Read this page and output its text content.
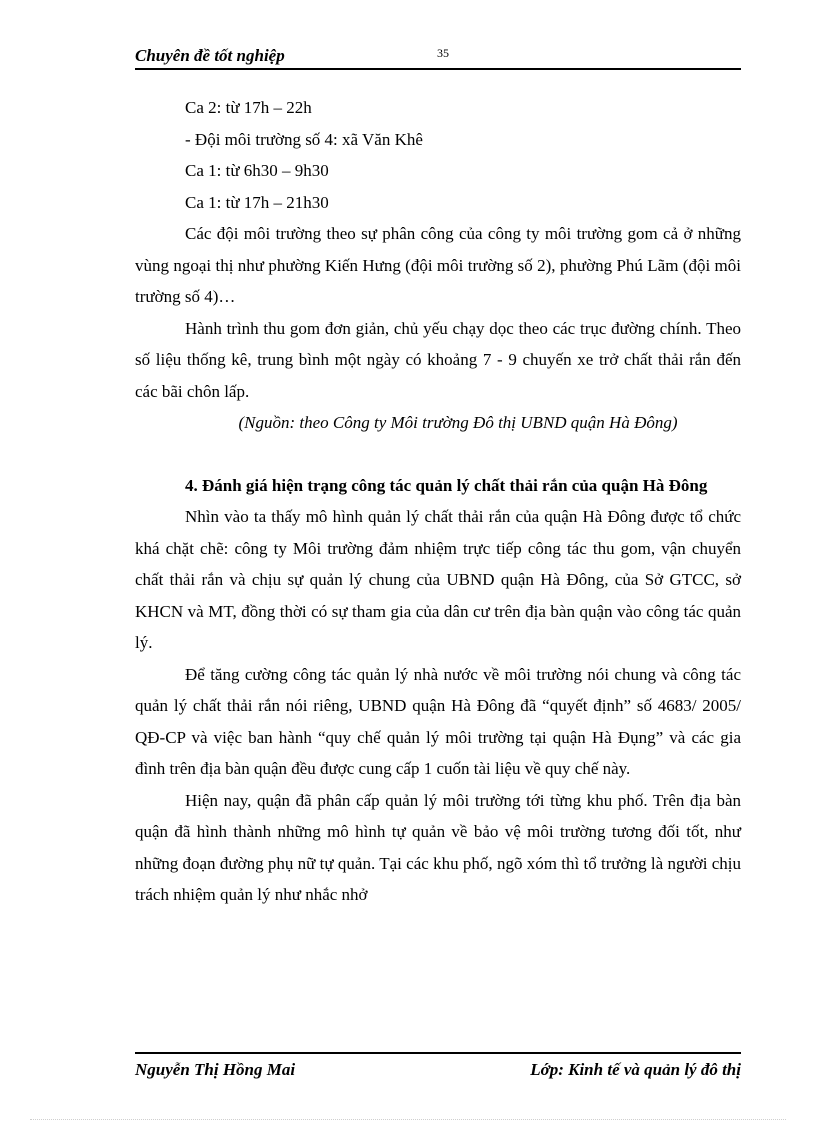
Chuyên đề tốt nghiệp	35

Ca 2: từ 17h – 22h

- Đội môi trường số 4: xã Văn Khê

Ca 1: từ 6h30 – 9h30

Ca 1: từ 17h – 21h30

Các đội môi trường theo sự phân công của công ty môi trường gom cả ở những vùng ngoại thị như phường Kiến Hưng (đội môi trường số 2), phường Phú Lãm (đội môi trường số 4)…

Hành trình thu gom đơn giản, chủ yếu chạy dọc theo các trục đường chính. Theo số liệu thống kê, trung bình một ngày có khoảng 7 - 9 chuyến xe trở chất thải rắn đến các bãi chôn lấp.

(Nguồn: theo Công ty Môi trường Đô thị UBND quận Hà Đông)

4. Đánh giá hiện trạng công tác quản lý chất thải rắn của quận Hà Đông

Nhìn vào ta thấy mô hình quản lý chất thải rắn của quận Hà Đông được tổ chức khá chặt chẽ: công ty Môi trường đảm nhiệm trực tiếp công tác thu gom, vận chuyển chất thải rắn và chịu sự quản lý chung của UBND quận Hà Đông, của Sở GTCC, sở KHCN và MT, đồng thời có sự tham gia của dân cư trên địa bàn quận vào công tác quản lý.

Để tăng cường công tác quản lý nhà nước về môi trường nói chung và công tác quản lý chất thải rắn nói riêng, UBND quận Hà Đông đã “quyết định” số 4683/ 2005/ QĐ-CP và việc ban hành “quy chế quản lý môi trường tại quận Hà Đụng” và các gia đình trên địa bàn quận đều được cung cấp 1 cuốn tài liệu về quy chế này.

Hiện nay, quận đã phân cấp quản lý môi trường tới từng khu phố. Trên địa bàn quận đã hình thành những mô hình tự quản về bảo vệ môi trường tương đối tốt, như những đoạn đường phụ nữ tự quản. Tại các khu phố, ngõ xóm thì tổ trưởng là người chịu trách nhiệm quản lý như nhắc nhở

Nguyễn Thị Hồng Mai	Lớp: Kinh tế và quản lý đô thị
